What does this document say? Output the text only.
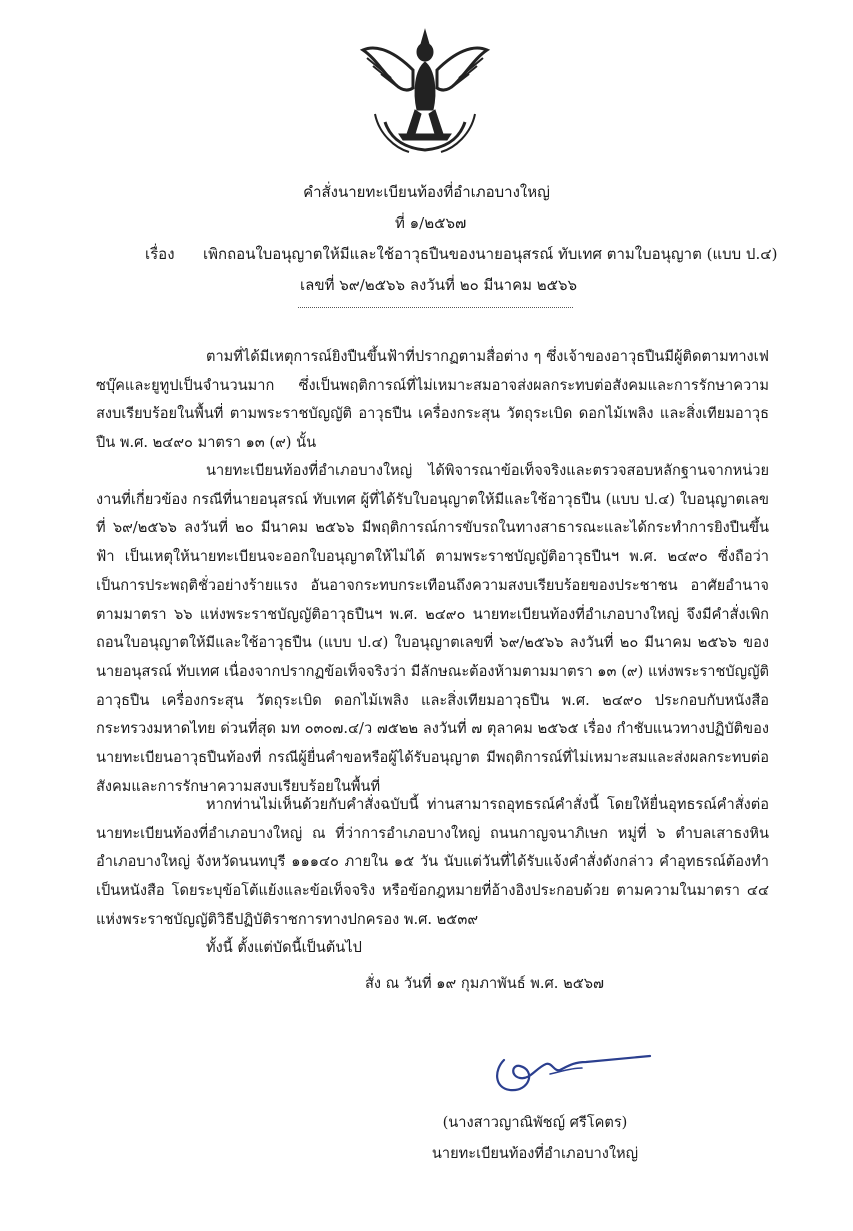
คำสั่งนายทะเบียนท้องที่อำเภอบางใหญ่
ที่ ๑/๒๕๖๗
เรื่อง เพิกถอนใบอนุญาตให้มีและใช้อาวุธปืนของนายอนุสรณ์ ทับเทศ ตามใบอนุญาต (แบบ ป.๔)
เลขที่ ๖๙/๒๕๖๖ ลงวันที่ ๒๐ มีนาคม ๒๕๖๖
ตามที่ได้มีเหตุการณ์ยิงปืนขึ้นฟ้าที่ปรากฏตามสื่อต่าง ๆ ซึ่งเจ้าของอาวุธปืนมีผู้ติดตามทางเฟซบุ๊คและยูทูปเป็นจำนวนมาก ซึ่งเป็นพฤติการณ์ที่ไม่เหมาะสมอาจส่งผลกระทบต่อสังคมและการรักษาความสงบเรียบร้อยในพื้นที่ ตามพระราชบัญญัติ อาวุธปืน เครื่องกระสุน วัตถุระเบิด ดอกไม้เพลิง และสิ่งเทียมอาวุธปืน พ.ศ. ๒๔๙๐ มาตรา ๑๓ (๙) นั้น
นายทะเบียนท้องที่อำเภอบางใหญ่ ได้พิจารณาข้อเท็จจริงและตรวจสอบหลักฐานจากหน่วยงานที่เกี่ยวข้อง กรณีที่นายอนุสรณ์ ทับเทศ ผู้ที่ได้รับใบอนุญาตให้มีและใช้อาวุธปืน (แบบ ป.๔) ใบอนุญาตเลขที่ ๖๙/๒๕๖๖ ลงวันที่ ๒๐ มีนาคม ๒๕๖๖ มีพฤติการณ์การขับรถในทางสาธารณะและได้กระทำการยิงปืนขึ้นฟ้า เป็นเหตุให้นายทะเบียนจะออกใบอนุญาตให้ไม่ได้ ตามพระราชบัญญัติอาวุธปืนฯ พ.ศ. ๒๔๙๐ ซึ่งถือว่าเป็นการประพฤติชั่วอย่างร้ายแรง อันอาจกระทบกระเทือนถึงความสงบเรียบร้อยของประชาชน อาศัยอำนาจตามมาตรา ๖๖ แห่งพระราชบัญญัติอาวุธปืนฯ พ.ศ. ๒๔๙๐ นายทะเบียนท้องที่อำเภอบางใหญ่ จึงมีคำสั่งเพิกถอนใบอนุญาตให้มีและใช้อาวุธปืน (แบบ ป.๔) ใบอนุญาตเลขที่ ๖๙/๒๕๖๖ ลงวันที่ ๒๐ มีนาคม ๒๕๖๖ ของนายอนุสรณ์ ทับเทศ เนื่องจากปรากฏข้อเท็จจริงว่า มีลักษณะต้องห้ามตามมาตรา ๑๓ (๙) แห่งพระราชบัญญัติอาวุธปืน เครื่องกระสุน วัตถุระเบิด ดอกไม้เพลิง และสิ่งเทียมอาวุธปืน พ.ศ. ๒๔๙๐ ประกอบกับหนังสือกระทรวงมหาดไทย ด่วนที่สุด มท ๐๓๐๗.๔/ว ๗๕๒๒ ลงวันที่ ๗ ตุลาคม ๒๕๖๕ เรื่อง กำชับแนวทางปฏิบัติของนายทะเบียนอาวุธปืนท้องที่ กรณีผู้ยื่นคำขอหรือผู้ได้รับอนุญาต มีพฤติการณ์ที่ไม่เหมาะสมและส่งผลกระทบต่อสังคมและการรักษาความสงบเรียบร้อยในพื้นที่
หากท่านไม่เห็นด้วยกับคำสั่งฉบับนี้ ท่านสามารถอุทธรณ์คำสั่งนี้ โดยให้ยื่นอุทธรณ์คำสั่งต่อนายทะเบียนท้องที่อำเภอบางใหญ่ ณ ที่ว่าการอำเภอบางใหญ่ ถนนกาญจนาภิเษก หมู่ที่ ๖ ตำบลเสาธงหิน อำเภอบางใหญ่ จังหวัดนนทบุรี ๑๑๑๔๐ ภายใน ๑๕ วัน นับแต่วันที่ได้รับแจ้งคำสั่งดังกล่าว คำอุทธรณ์ต้องทำเป็นหนังสือ โดยระบุข้อโต้แย้งและข้อเท็จจริง หรือข้อกฎหมายที่อ้างอิงประกอบด้วย ตามความในมาตรา ๔๔ แห่งพระราชบัญญัติวิธีปฏิบัติราชการทางปกครอง พ.ศ. ๒๕๓๙
ทั้งนี้ ตั้งแต่บัดนี้เป็นต้นไป
สั่ง ณ วันที่ ๑๙ กุมภาพันธ์ พ.ศ. ๒๕๖๗
(นางสาวญาณิพัชญ์ ศรีโคตร)
นายทะเบียนท้องที่อำเภอบางใหญ่
